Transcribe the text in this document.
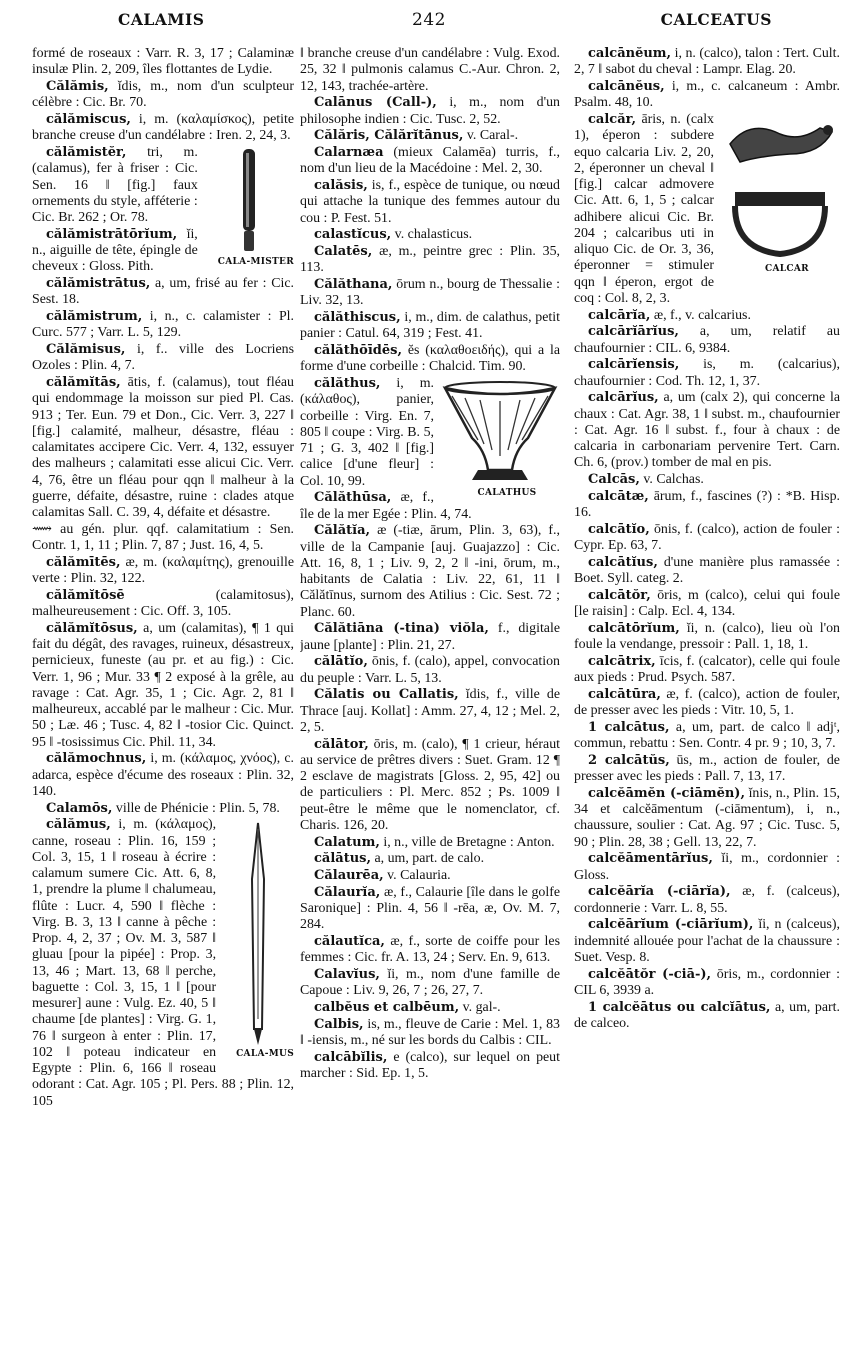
CALAMIS	242	CALCEATUS

formé de roseaux : Varr. R. 3, 17 ; Calaminæ insulæ Plin. 2, 209, îles flottantes de Lydie.

Călămis, ĭdis, m., nom d'un sculpteur célèbre : Cic. Br. 70.

călămiscus, i, m. (καλαμίσκος), petite branche creuse d'un candélabre : Iren. 2, 24, 3.

CALA-MISTER
călămistĕr, tri, m. (calamus), fer à friser : Cic. Sen. 16 ‖ [fig.] faux ornements du style, afféterie : Cic. Br. 262 ; Or. 78.

călămistrātōrĭum, ĭi, n., aiguille de tête, épingle de cheveux : Gloss. Pith.

călămistrātus, a, um, frisé au fer : Cic. Sest. 18.

călămistrum, i, n., c. calamister : Pl. Curc. 577 ; Varr. L. 5, 129.

Călămisus, i, f.. ville des Locriens Ozoles : Plin. 4, 7.

călămĭtās, ātis, f. (calamus), tout fléau qui endommage la moisson sur pied Pl. Cas. 913 ; Ter. Eun. 79 et Don., Cic. Verr. 3, 227 ‖ [fig.] calamité, malheur, désastre, fléau : calamitates accipere Cic. Verr. 4, 132, essuyer des malheurs ; calamitati esse alicui Cic. Verr. 4, 76, être un fléau pour qqn ‖ malheur à la guerre, défaite, désastre, ruine : clades atque calamitas Sall. C. 39, 4, défaite et désastre.

⟿ au gén. plur. qqf. calamitatium : Sen. Contr. 1, 1, 11 ; Plin. 7, 87 ; Just. 16, 4, 5.

călămītēs, æ, m. (καλαμίτης), grenouille verte : Plin. 32, 122.

călămĭtōsē	(calamitosus), malheureusement : Cic. Off. 3, 105.

călămĭtōsus, a, um (calamitas), ¶ 1 qui fait du dégât, des ravages, ruineux, désastreux, pernicieux, funeste (au pr. et au fig.) : Cic. Verr. 1, 96 ; Mur. 33 ¶ 2 exposé à la grêle, au ravage : Cat. Agr. 35, 1 ; Cic. Agr. 2, 81 ‖ malheureux, accablé par le malheur : Cic. Mur. 50 ; Læ. 46 ; Tusc. 4, 82 ‖ -tosior Cic. Quinct. 95 ‖ -tosissimus Cic. Phil. 11, 34.

călămochnus, i, m. (κάλαμος, χνόος), c. adarca, espèce d'écume des roseaux : Plin. 32, 140.

Calamōs, ville de Phénicie : Plin. 5, 78.

CALA-MUS
călămus, i, m. (κάλαμος), canne, roseau : Plin. 16, 159 ; Col. 3, 15, 1 ‖ roseau à écrire : calamum sumere Cic. Att. 6, 8, 1, prendre la plume ‖ chalumeau, flûte : Lucr. 4, 590 ‖ flèche : Virg. B. 3, 13 ‖ canne à pêche : Prop. 4, 2, 37 ; Ov. M. 3, 587 ‖ gluau [pour la pipée] : Prop. 3, 13, 46 ; Mart. 13, 68 ‖ perche, baguette : Col. 3, 15, 1 ‖ [pour mesurer] aune : Vulg. Ez. 40, 5 ‖ chaume [de plantes] : Virg. G. 1, 76 ‖ surgeon à enter : Plin. 17, 102 ‖ poteau indicateur en Egypte : Plin. 6, 166 ‖ roseau odorant : Cat. Agr. 105 ; Pl. Pers. 88 ; Plin. 12, 105

‖ branche creuse d'un candélabre : Vulg. Exod. 25, 32 ‖ pulmonis calamus C.-Aur. Chron. 2, 12, 143, trachée-artère.

Calānus (Call-), i, m., nom d'un philosophe indien : Cic. Tusc. 2, 52.

Călăris, Călărĭtānus, v. Caral-.

Calarnæa (mieux Calamēa) turris, f., nom d'un lieu de la Macédoine : Mel. 2, 30.

calăsis, is, f., espèce de tunique, ou nœud qui attache la tunique des femmes autour du cou : P. Fest. 51.

calastĭcus, v. chalasticus.

Calatēs, æ, m., peintre grec : Plin. 35, 113.

Călăthana, ōrum n., bourg de Thessalie : Liv. 32, 13.

călăthiscus, i, m., dim. de calathus, petit panier : Catul. 64, 319 ; Fest. 41.

călăthōīdēs, ĕs (καλαθοειδής), qui a la forme d'une corbeille : Chalcid. Tim. 90.

CALATHUS
călăthus, i, m. (κάλαθος), panier, corbeille : Virg. En. 7, 805 ‖ coupe : Virg. B. 5, 71 ; G. 3, 402 ‖ [fig.] calice [d'une fleur] : Col. 10, 99.

Călăthūsa, æ, f., île de la mer Egée : Plin. 4, 74.

Călătĭa, æ (-tiæ, ārum, Plin. 3, 63), f., ville de la Campanie [auj. Guajazzo] : Cic. Att. 16, 8, 1 ; Liv. 9, 2, 2 ‖ -ini, ōrum, m., habitants de Calatia : Liv. 22, 61, 11 ‖ Călătīnus, surnom des Atilius : Cic. Sest. 72 ; Planc. 60.

Călătiāna (-tina) viŏla, f., digitale jaune [plante] : Plin. 21, 27.

călātĭo, ōnis, f. (calo), appel, convocation du peuple : Varr. L. 5, 13.

Călatis ou Callatis, ĭdis, f., ville de Thrace [auj. Kollat] : Amm. 27, 4, 12 ; Mel. 2, 2, 5.

călātor, ōris, m. (calo), ¶ 1 crieur, héraut au service de prêtres divers : Suet. Gram. 12 ¶ 2 esclave de magistrats [Gloss. 2, 95, 42] ou de particuliers : Pl. Merc. 852 ; Ps. 1009 ‖ peut-être le même que le nomenclator, cf. Charis. 126, 20.

Calatum, i, n., ville de Bretagne : Anton.

călātus, a, um, part. de calo.

Călaurēa, v. Calauria.

Călaurĭa, æ, f., Calaurie [île dans le golfe Saronique] : Plin. 4, 56 ‖ -rēa, æ, Ov. M. 7, 284.

călautĭca, æ, f., sorte de coiffe pour les femmes : Cic. fr. A. 13, 24 ; Serv. En. 9, 613.

Calavĭus, ĭi, m., nom d'une famille de Capoue : Liv. 9, 26, 7 ; 26, 27, 7.

calbĕus et calbēum, v. gal-.

Calbis, is, m., fleuve de Carie : Mel. 1, 83 ‖ -iensis, m., né sur les bords du Calbis : CIL.

calcābĭlis, e (calco), sur lequel on peut marcher : Sid. Ep. 1, 5.

calcānĕum, i, n. (calco), talon : Tert. Cult. 2, 7 ‖ sabot du cheval : Lampr. Elag. 20.

calcānĕus, i, m., c. calcaneum : Ambr. Psalm. 48, 10.

CALCAR
calcăr, āris, n. (calx 1), éperon : subdere equo calcaria Liv. 2, 20, 2, éperonner un cheval ‖ [fig.] calcar admovere Cic. Att. 6, 1, 5 ; calcar adhibere alicui Cic. Br. 204 ; calcaribus uti in aliquo Cic. de Or. 3, 36, éperonner = stimuler qqn ‖ éperon, ergot de coq : Col. 8, 2, 3.

calcārĭa, æ, f., v. calcarius.

calcārĭārĭus, a, um, relatif au chaufournier : CIL. 6, 9384.

calcārĭensis, is, m. (calcarius), chaufournier : Cod. Th. 12, 1, 37.

calcārĭus, a, um (calx 2), qui concerne la chaux : Cat. Agr. 38, 1 ‖ subst. m., chaufournier : Cat. Agr. 16 ‖ subst. f., four à chaux : de calcaria in carbonariam pervenire Tert. Carn. Ch. 6, (prov.) tomber de mal en pis.

Calcās, v. Calchas.

calcātæ, ārum, f., fascines (?) : *B. Hisp. 16.

calcātĭo, ōnis, f. (calco), action de fouler : Cypr. Ep. 63, 7.

calcātĭus, d'une manière plus ramassée : Boet. Syll. categ. 2.

calcātŏr, ōris, m (calco), celui qui foule [le raisin] : Calp. Ecl. 4, 134.

calcātōrĭum, ĭi, n. (calco), lieu où l'on foule la vendange, pressoir : Pall. 1, 18, 1.

calcātrix, īcis, f. (calcator), celle qui foule aux pieds : Prud. Psych. 587.

calcātūra, æ, f. (calco), action de fouler, de presser avec les pieds : Vitr. 10, 5, 1.

1 calcātus, a, um, part. de calco ‖ adjᵗ, commun, rebattu : Sen. Contr. 4 pr. 9 ; 10, 3, 7.

2 calcātŭs, ūs, m., action de fouler, de presser avec les pieds : Pall. 7, 13, 17.

calcĕāmĕn (-ciāmĕn), ĭnis, n., Plin. 15, 34 et calcĕāmentum (-ciāmentum), i, n., chaussure, soulier : Cat. Ag. 97 ; Cic. Tusc. 5, 90 ; Plin. 28, 38 ; Gell. 13, 22, 7.

calcĕāmentārĭus, ĭi, m., cordonnier : Gloss.

calcĕārĭa (-ciārĭa), æ, f. (calceus), cordonnerie : Varr. L. 8, 55.

calcĕārĭum (-ciārĭum), ĭi, n (calceus), indemnité allouée pour l'achat de la chaussure : Suet. Vesp. 8.

calcĕātŏr (-ciā-), ōris, m., cordonnier : CIL 6, 3939 a.

1 calcĕātus ou calcĭātus, a, um, part. de calceo.
